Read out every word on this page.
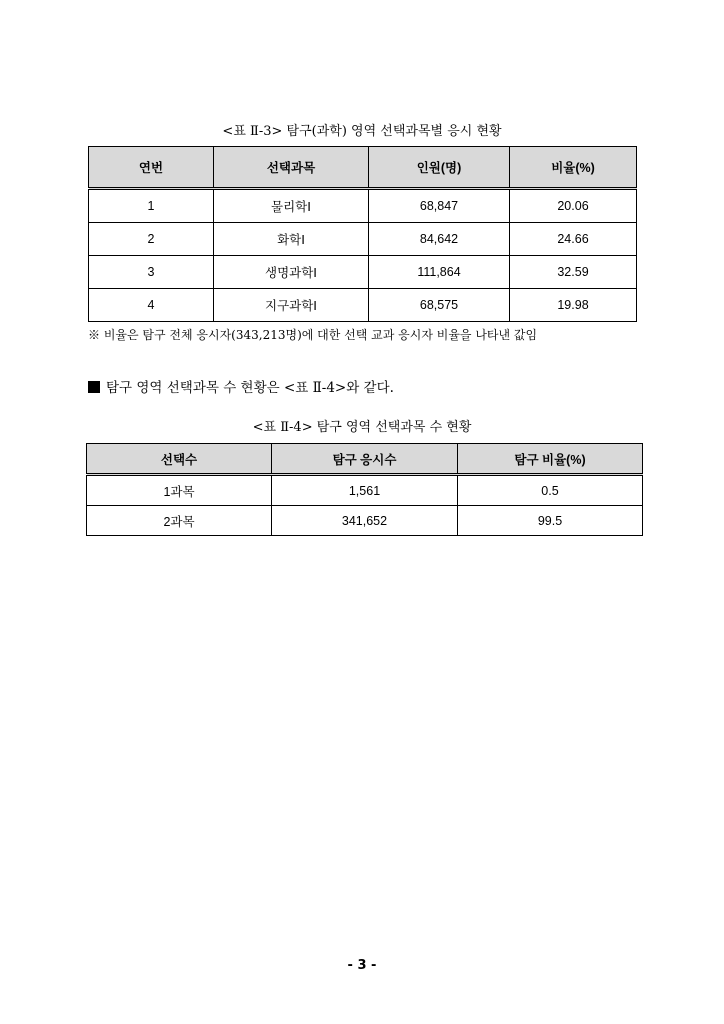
<표 Ⅱ-3> 탐구(과학) 영역 선택과목별 응시 현황
연번	선택과목	인원(명)	비율(%)
1	물리학Ⅰ	68,847	20.06
2	화학Ⅰ	84,642	24.66
3	생명과학Ⅰ	111,864	32.59
4	지구과학Ⅰ	68,575	19.98
※ 비율은 탐구 전체 응시자(343,213명)에 대한 선택 교과 응시자 비율을 나타낸 값임
탐구 영역 선택과목 수 현황은 <표 Ⅱ-4>와 같다.
<표 Ⅱ-4> 탐구 영역 선택과목 수 현황
선택수	탐구 응시수	탐구 비율(%)
1과목	1,561	0.5
2과목	341,652	99.5
- 3 -
